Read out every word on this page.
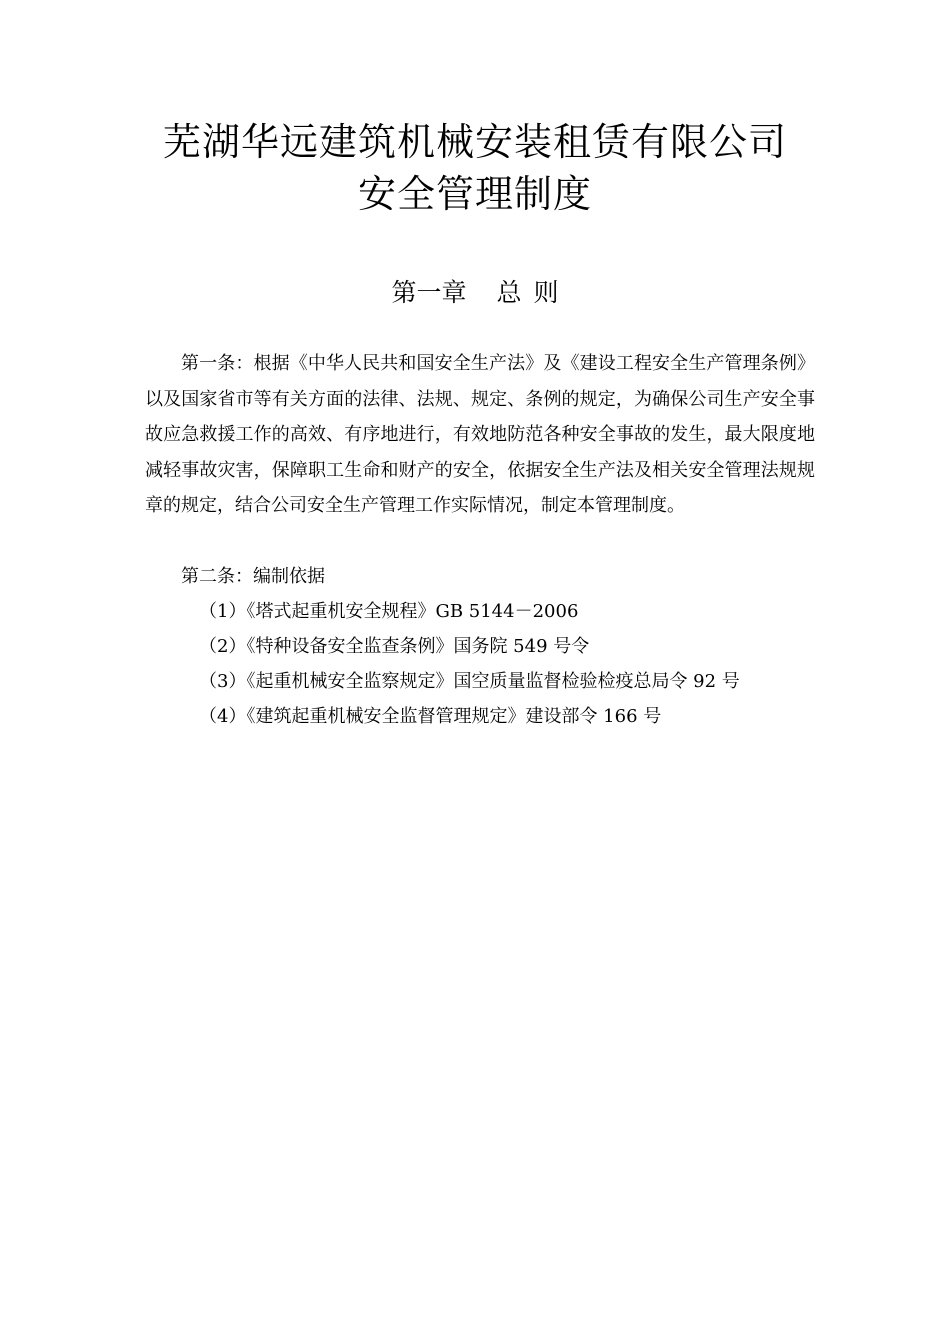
芜湖华远建筑机械安装租赁有限公司
安全管理制度
第一章 总 则

第一条：根据《中华人民共和国安全生产法》及《建设工程安全生产管理条例》以及国家省市等有关方面的法律、法规、规定、条例的规定，为确保公司生产安全事故应急救援工作的高效、有序地进行，有效地防范各种安全事故的发生，最大限度地减轻事故灾害，保障职工生命和财产的安全，依据安全生产法及相关安全管理法规规章的规定，结合公司安全生产管理工作实际情况，制定本管理制度。

第二条：编制依据

（1）《塔式起重机安全规程》GB 5144－2006

（2）《特种设备安全监查条例》国务院 549 号令

（3）《起重机械安全监察规定》国空质量监督检验检疫总局令 92 号

（4）《建筑起重机械安全监督管理规定》建设部令 166 号
